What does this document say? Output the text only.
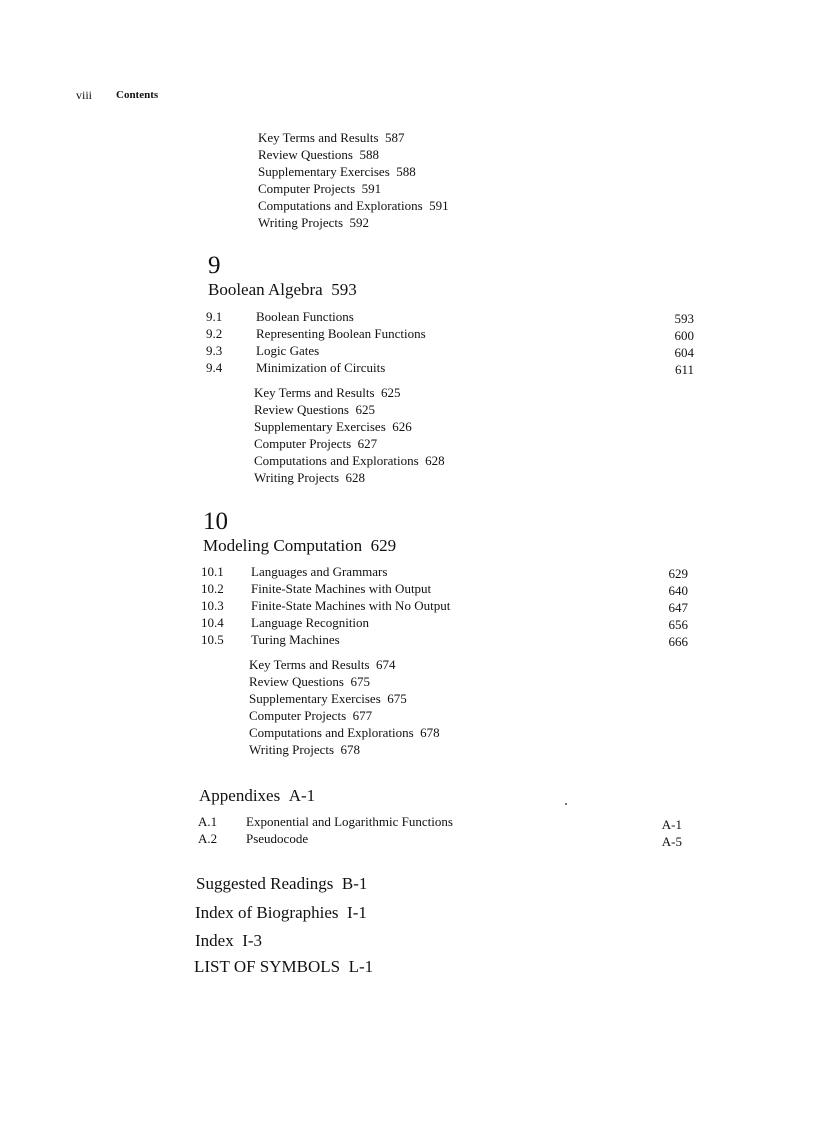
viii Contents
Key Terms and Results 587
Review Questions 588
Supplementary Exercises 588
Computer Projects 591
Computations and Explorations 591
Writing Projects 592
9
Boolean Algebra 593
9.1	Boolean Functions	593
9.2	Representing Boolean Functions	600
9.3	Logic Gates	604
9.4	Minimization of Circuits	611
Key Terms and Results 625
Review Questions 625
Supplementary Exercises 626
Computer Projects 627
Computations and Explorations 628
Writing Projects 628
10
Modeling Computation 629
10.1 Languages and Grammars	629
10.2 Finite-State Machines with Output	640
10.3 Finite-State Machines with No Output	647
10.4 Language Recognition	656
10.5 Turing Machines	666
Key Terms and Results 674
Review Questions 675
Supplementary Exercises 675
Computer Projects 677
Computations and Explorations 678
Writing Projects 678
Appendixes A-1
A.1 Exponential and Logarithmic Functions	A-1
A.2 Pseudocode	A-5
Suggested Readings B-1
Index of Biographies I-1
Index I-3
LIST OF SYMBOLS L-1
